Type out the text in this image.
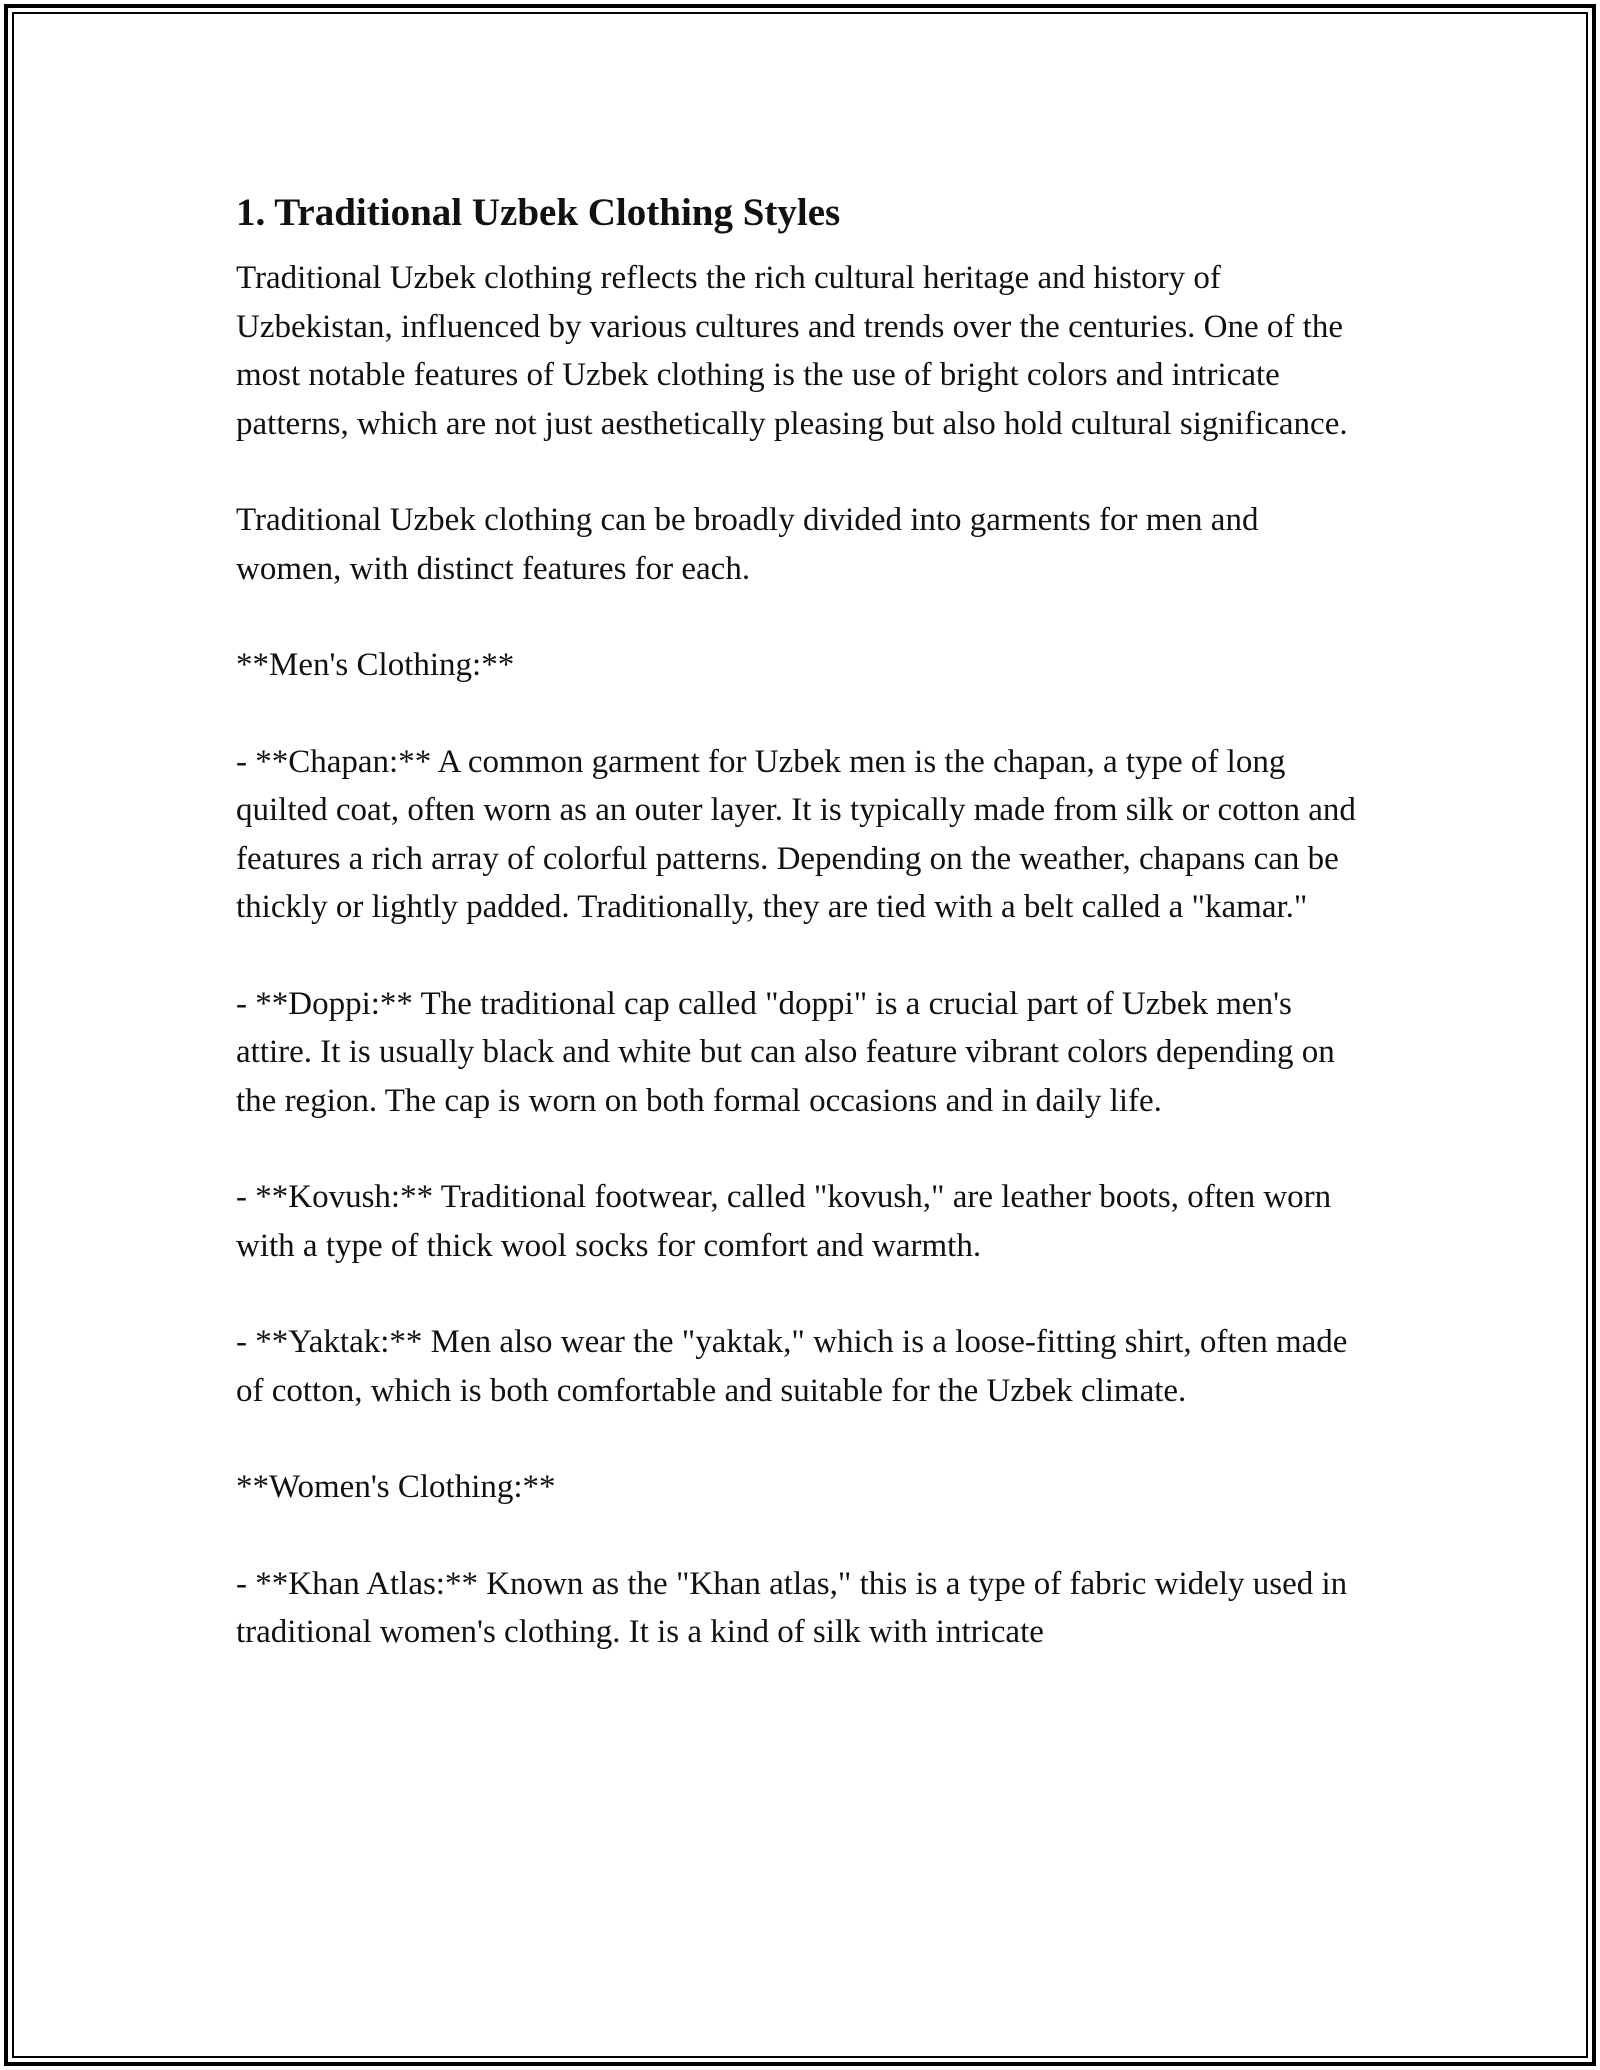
1. Traditional Uzbek Clothing Styles

Traditional Uzbek clothing reflects the rich cultural heritage and history of Uzbekistan, influenced by various cultures and trends over the centuries. One of the most notable features of Uzbek clothing is the use of bright colors and intricate patterns, which are not just aesthetically pleasing but also hold cultural significance.

Traditional Uzbek clothing can be broadly divided into garments for men and women, with distinct features for each.

**Men's Clothing:**

- **Chapan:** A common garment for Uzbek men is the chapan, a type of long quilted coat, often worn as an outer layer. It is typically made from silk or cotton and features a rich array of colorful patterns. Depending on the weather, chapans can be thickly or lightly padded. Traditionally, they are tied with a belt called a "kamar."

- **Doppi:** The traditional cap called "doppi" is a crucial part of Uzbek men's attire. It is usually black and white but can also feature vibrant colors depending on the region. The cap is worn on both formal occasions and in daily life.

- **Kovush:** Traditional footwear, called "kovush," are leather boots, often worn with a type of thick wool socks for comfort and warmth.

- **Yaktak:** Men also wear the "yaktak," which is a loose-fitting shirt, often made of cotton, which is both comfortable and suitable for the Uzbek climate.

**Women's Clothing:**

- **Khan Atlas:** Known as the "Khan atlas," this is a type of fabric widely used in traditional women's clothing. It is a kind of silk with intricate
